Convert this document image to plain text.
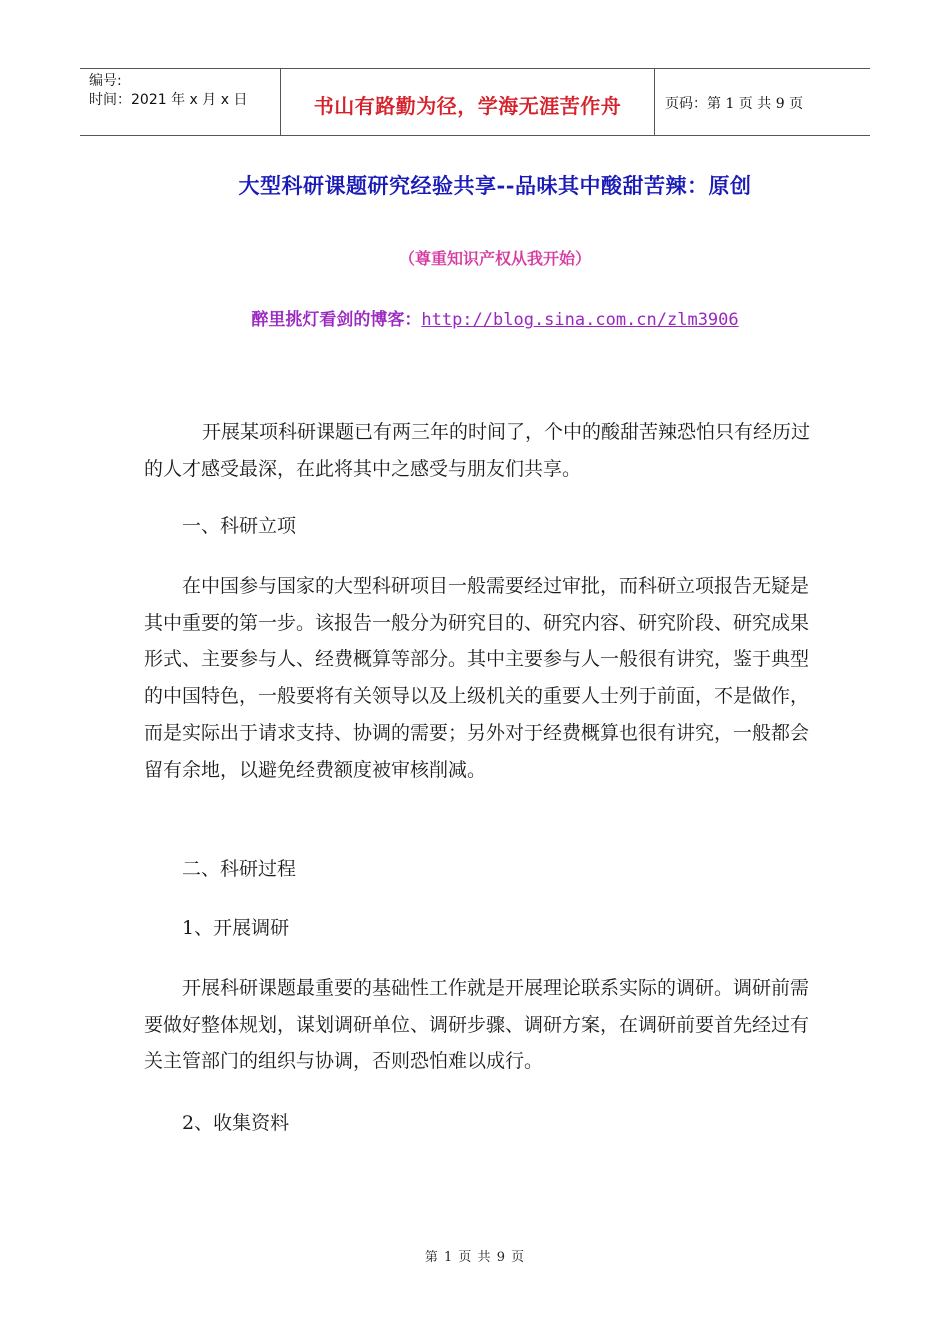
编号:
时间：2021 年 x 月 x 日	书山有路勤为径，学海无涯苦作舟	页码：第 1 页 共 9 页
大型科研课题研究经验共享--品味其中酸甜苦辣：原创
（尊重知识产权从我开始）
醉里挑灯看剑的博客：http://blog.sina.com.cn/zlm3906

开展某项科研课题已有两三年的时间了，个中的酸甜苦辣恐怕只有经历过的人才感受最深，在此将其中之感受与朋友们共享。

一、科研立项

在中国参与国家的大型科研项目一般需要经过审批，而科研立项报告无疑是其中重要的第一步。该报告一般分为研究目的、研究内容、研究阶段、研究成果形式、主要参与人、经费概算等部分。其中主要参与人一般很有讲究，鉴于典型的中国特色，一般要将有关领导以及上级机关的重要人士列于前面，不是做作，而是实际出于请求支持、协调的需要；另外对于经费概算也很有讲究，一般都会留有余地，以避免经费额度被审核削减。

二、科研过程

1、开展调研

开展科研课题最重要的基础性工作就是开展理论联系实际的调研。调研前需要做好整体规划，谋划调研单位、调研步骤、调研方案，在调研前要首先经过有关主管部门的组织与协调，否则恐怕难以成行。

2、收集资料

第 1 页 共 9 页
